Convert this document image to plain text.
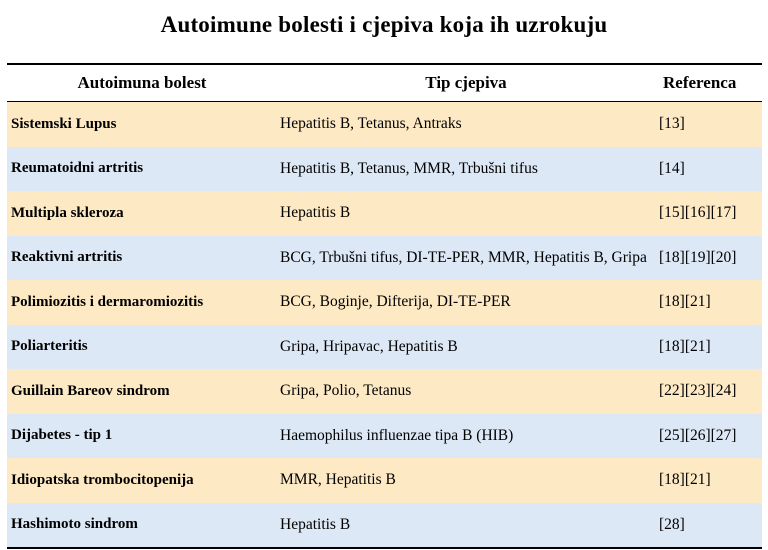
Autoimune bolesti i cjepiva koja ih uzrokuju
Autoimuna bolest	Tip cjepiva	Referenca
Sistemski Lupus	Hepatitis B, Tetanus, Antraks	[13]
Reumatoidni artritis	Hepatitis B, Tetanus, MMR, Trbušni tifus	[14]
Multipla skleroza	Hepatitis B	[15][16][17]
Reaktivni artritis	BCG, Trbušni tifus, DI-TE-PER, MMR, Hepatitis B, Gripa [18][19][20]
Polimiozitis i dermaromiozitis	BCG, Boginje, Difterija, DI-TE-PER	[18][21]
Poliarteritis	Gripa, Hripavac, Hepatitis B	[18][21]
Guillain Bareov sindrom	Gripa, Polio, Tetanus	[22][23][24]
Dijabetes - tip 1	Haemophilus influenzae tipa B (HIB)	[25][26][27]
Idiopatska trombocitopenija	MMR, Hepatitis B	[18][21]
Hashimoto sindrom	Hepatitis B	[28]
